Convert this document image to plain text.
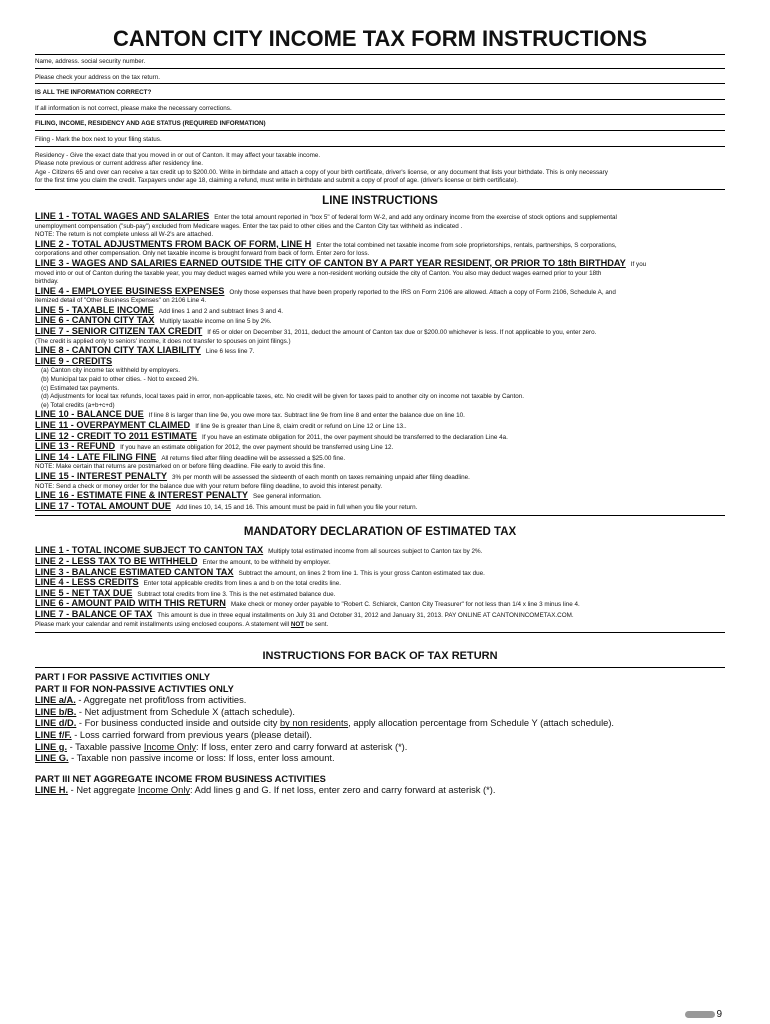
CANTON CITY INCOME TAX FORM INSTRUCTIONS

Name, address. social security number.

Please check your address on the tax return.

IS ALL THE INFORMATION CORRECT?

If all information is not correct, please make the necessary corrections.

FILING, INCOME, RESIDENCY AND AGE STATUS (REQUIRED INFORMATION)

Filing - Mark the box next to your filing status.

Residency - Give the exact date that you moved in or out of Canton. It may affect your taxable income.

Please note previous or current address after residency line.

Age - Citizens 65 and over can receive a tax credit up to $200.00. Write in birthdate and attach a copy of your birth certificate, driver's license, or any document that lists your birthdate. This is only necessary

for the first time you claim the credit. Taxpayers under age 18, claiming a refund, must write in birthdate and submit a copy of proof of age. (driver's license or birth certificate).

LINE INSTRUCTIONS

LINE 1 - TOTAL WAGES AND SALARIES Enter the total amount reported in "box 5" of federal form W-2, and add any ordinary income from the exercise of stock options and supplemental

unemployment compensation ("sub-pay") excluded from Medicare wages. Enter the tax paid to other cities and the Canton City tax withheld as indicated .

NOTE: The return is not complete unless all W-2's are attached.

LINE 2 - TOTAL ADJUSTMENTS FROM BACK OF FORM, LINE H Enter the total combined net taxable income from sole proprietorships, rentals, partnerships, S corporations,

corporations and other compensation. Only net taxable income is brought forward from back of form. Enter zero for loss.

LINE 3 - WAGES AND SALARIES EARNED OUTSIDE THE CITY OF CANTON BY A PART YEAR RESIDENT, OR PRIOR TO 18th BIRTHDAY If you

moved into or out of Canton during the taxable year, you may deduct wages earned while you were a non-resident working outside the city of Canton. You also may deduct wages earned prior to your 18th

birthday.

LINE 4 - EMPLOYEE BUSINESS EXPENSES Only those expenses that have been properly reported to the IRS on Form 2106 are allowed. Attach a copy of Form 2106, Schedule A, and

itemized detail of "Other Business Expenses" on 2106 Line 4.

LINE 5 - TAXABLE INCOME Add lines 1 and 2 and subtract lines 3 and 4.

LINE 6 - CANTON CITY TAX Multiply taxable income on line 5 by 2%.

LINE 7 - SENIOR CITIZEN TAX CREDIT If 65 or older on December 31, 2011, deduct the amount of Canton tax due or $200.00 whichever is less. If not applicable to you, enter zero.

(The credit is applied only to seniors' income, it does not transfer to spouses on joint filings.)

LINE 8 - CANTON CITY TAX LIABILITY Line 6 less line 7.

LINE 9 - CREDITS

(a) Canton city income tax withheld by employers.

(b) Municipal tax paid to other cities. - Not to exceed 2%.

(c) Estimated tax payments.

(d) Adjustments for local tax refunds, local taxes paid in error, non-applicable taxes, etc. No credit will be given for taxes paid to another city on income not taxable by Canton.

(e) Total credits (a+b+c+d)

LINE 10 - BALANCE DUE If line 8 is larger than line 9e, you owe more tax. Subtract line 9e from line 8 and enter the balance due on line 10.

LINE 11 - OVERPAYMENT CLAIMED If line 9e is greater than Line 8, claim credit or refund on Line 12 or Line 13..

LINE 12 - CREDIT TO 2011 ESTIMATE If you have an estimate obligation for 2011, the over payment should be transferred to the declaration Line 4a.

LINE 13 - REFUND If you have an estimate obligation for 2012, the over payment should be transferred using Line 12.

LINE 14 - LATE FILING FINE All returns filed after filing deadline will be assessed a $25.00 fine.

NOTE: Make certain that returns are postmarked on or before filing deadline. File early to avoid this fine.

LINE 15 - INTEREST PENALTY 3% per month will be assessed the sixteenth of each month on taxes remaining unpaid after filing deadline.

NOTE: Send a check or money order for the balance due with your return before filing deadline, to avoid this interest penalty.

LINE 16 - ESTIMATE FINE & INTEREST PENALTY See general information.

LINE 17 - TOTAL AMOUNT DUE Add lines 10, 14, 15 and 16. This amount must be paid in full when you file your return.

MANDATORY DECLARATION OF ESTIMATED TAX

LINE 1 - TOTAL INCOME SUBJECT TO CANTON TAX Multiply total estimated income from all sources subject to Canton tax by 2%.

LINE 2 - LESS TAX TO BE WITHHELD Enter the amount, to be withheld by employer.

LINE 3 - BALANCE ESTIMATED CANTON TAX Subtract the amount, on lines 2 from line 1. This is your gross Canton estimated tax due.

LINE 4 - LESS CREDITS Enter total applicable credits from lines a and b on the total credits line.

LINE 5 - NET TAX DUE Subtract total credits from line 3. This is the net estimated balance due.

LINE 6 - AMOUNT PAID WITH THIS RETURN Make check or money order payable to "Robert C. Schiarck, Canton City Treasurer" for not less than 1/4 x line 3 minus line 4.

LINE 7 - BALANCE OF TAX This amount is due in three equal installments on July 31 and October 31, 2012 and January 31, 2013. PAY ONLINE AT CANTONINCOMETAX.COM.

Please mark your calendar and remit installments using enclosed coupons. A statement will NOT be sent.

INSTRUCTIONS FOR BACK OF TAX RETURN

PART I FOR PASSIVE ACTIVITIES ONLY

PART II FOR NON-PASSIVE ACTIVTIES ONLY

LINE a/A. - Aggregate net profit/loss from activities.

LINE b/B. - Net adjustment from Schedule X (attach schedule).

LINE d/D. - For business conducted inside and outside city by non residents, apply allocation percentage from Schedule Y (attach schedule).

LINE f/F. - Loss carried forward from previous years (please detail).

LINE g. - Taxable passive Income Only: If loss, enter zero and carry forward at asterisk (*).

LINE G. - Taxable non passive income or loss: If loss, enter loss amount.

PART III NET AGGREGATE INCOME FROM BUSINESS ACTIVITIES

LINE H. - Net aggregate Income Only: Add lines g and G. If net loss, enter zero and carry forward at asterisk (*).

9
